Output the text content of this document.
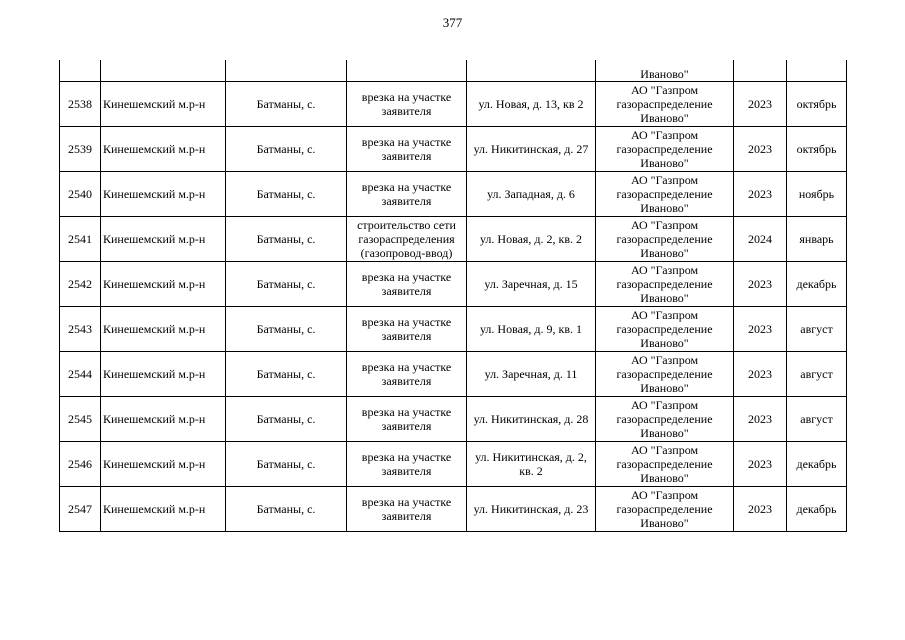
377
					Иваново"		
2538	Кинешемский м.р-н	Батманы, с.	врезка на участке заявителя	ул. Новая, д. 13, кв 2	АО "Газпром газораспределение Иваново"	2023	октябрь
2539	Кинешемский м.р-н	Батманы, с.	врезка на участке заявителя	ул. Никитинская, д. 27	АО "Газпром газораспределение Иваново"	2023	октябрь
2540	Кинешемский м.р-н	Батманы, с.	врезка на участке заявителя	ул. Западная, д. 6	АО "Газпром газораспределение Иваново"	2023	ноябрь
2541	Кинешемский м.р-н	Батманы, с.	строительство сети газораспределения (газопровод-ввод)	ул. Новая, д. 2, кв. 2	АО "Газпром газораспределение Иваново"	2024	январь
2542	Кинешемский м.р-н	Батманы, с.	врезка на участке заявителя	ул. Заречная, д. 15	АО "Газпром газораспределение Иваново"	2023	декабрь
2543	Кинешемский м.р-н	Батманы, с.	врезка на участке заявителя	ул. Новая, д. 9, кв. 1	АО "Газпром газораспределение Иваново"	2023	август
2544	Кинешемский м.р-н	Батманы, с.	врезка на участке заявителя	ул. Заречная, д. 11	АО "Газпром газораспределение Иваново"	2023	август
2545	Кинешемский м.р-н	Батманы, с.	врезка на участке заявителя	ул. Никитинская, д. 28	АО "Газпром газораспределение Иваново"	2023	август
2546	Кинешемский м.р-н	Батманы, с.	врезка на участке заявителя	ул. Никитинская, д. 2, кв. 2	АО "Газпром газораспределение Иваново"	2023	декабрь
2547	Кинешемский м.р-н	Батманы, с.	врезка на участке заявителя	ул. Никитинская, д. 23	АО "Газпром газораспределение Иваново"	2023	декабрь
